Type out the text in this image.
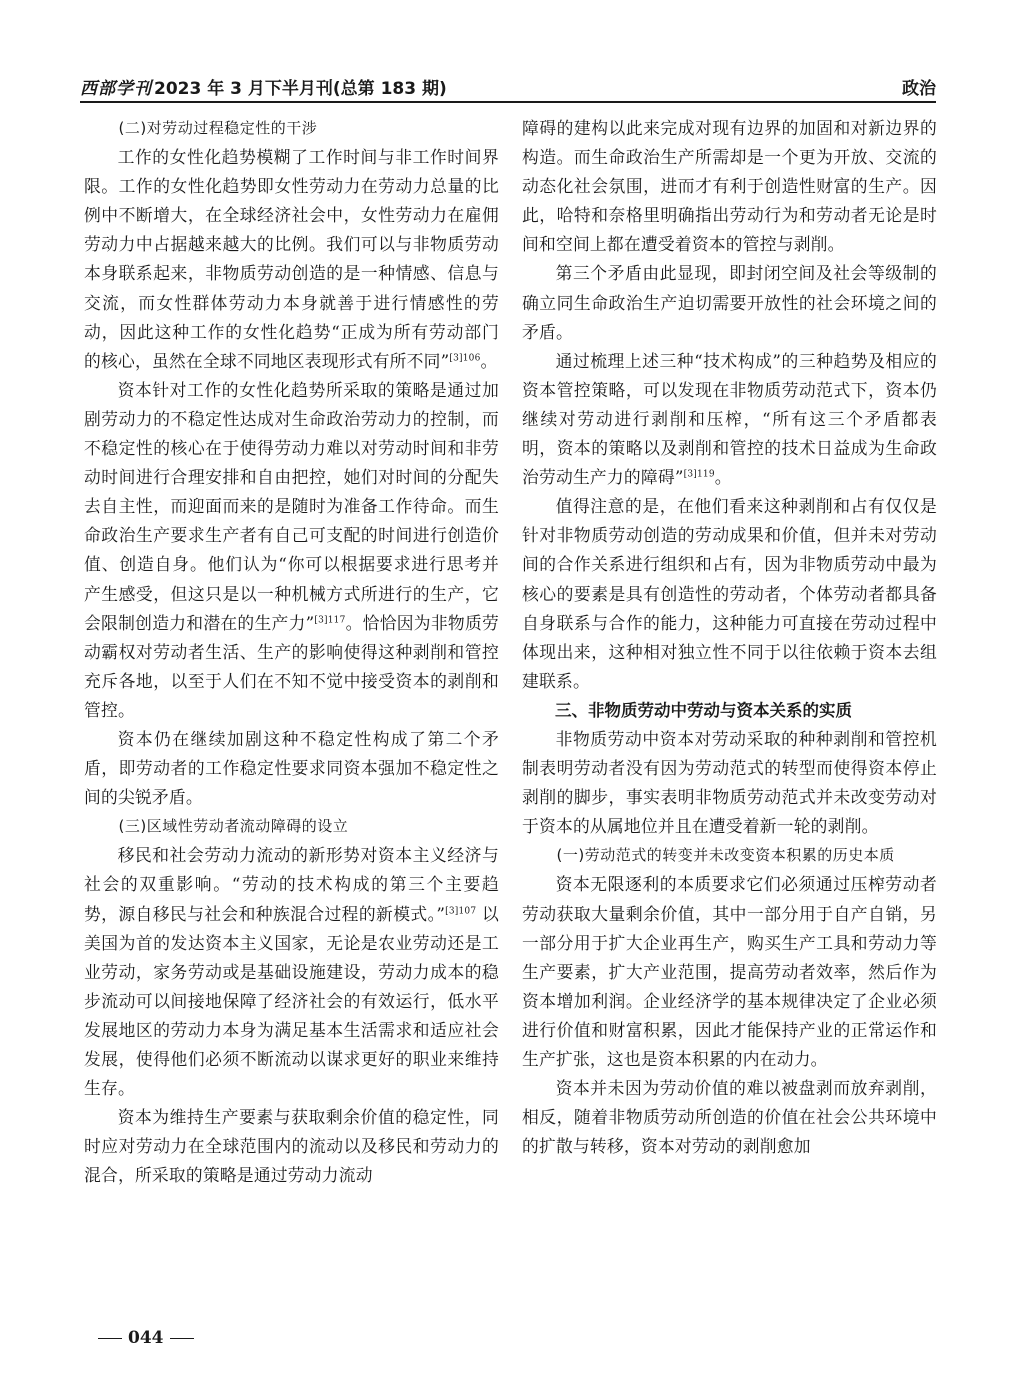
西部学刊 2023 年 3 月下半月刊(总第 183 期)	政治
(二)对劳动过程稳定性的干涉

工作的女性化趋势模糊了工作时间与非工作时间界限。工作的女性化趋势即女性劳动力在劳动力总量的比例中不断增大，在全球经济社会中，女性劳动力在雇佣劳动力中占据越来越大的比例。我们可以与非物质劳动本身联系起来，非物质劳动创造的是一种情感、信息与交流，而女性群体劳动力本身就善于进行情感性的劳动，因此这种工作的女性化趋势“正成为所有劳动部门的核心，虽然在全球不同地区表现形式有所不同”$^{[3]106}$。

资本针对工作的女性化趋势所采取的策略是通过加剧劳动力的不稳定性达成对生命政治劳动力的控制，而不稳定性的核心在于使得劳动力难以对劳动时间和非劳动时间进行合理安排和自由把控，她们对时间的分配失去自主性，而迎面而来的是随时为准备工作待命。而生命政治生产要求生产者有自己可支配的时间进行创造价值、创造自身。他们认为“你可以根据要求进行思考并产生感受，但这只是以一种机械方式所进行的生产，它会限制创造力和潜在的生产力”$^{[3]117}$。恰恰因为非物质劳动霸权对劳动者生活、生产的影响使得这种剥削和管控充斥各地，以至于人们在不知不觉中接受资本的剥削和管控。

资本仍在继续加剧这种不稳定性构成了第二个矛盾，即劳动者的工作稳定性要求同资本强加不稳定性之间的尖锐矛盾。

(三)区域性劳动者流动障碍的设立

移民和社会劳动力流动的新形势对资本主义经济与社会的双重影响。“劳动的技术构成的第三个主要趋势，源自移民与社会和种族混合过程的新模式。”$^{[3]107}$ 以美国为首的发达资本主义国家，无论是农业劳动还是工业劳动，家务劳动或是基础设施建设，劳动力成本的稳步流动可以间接地保障了经济社会的有效运行，低水平发展地区的劳动力本身为满足基本生活需求和适应社会发展，使得他们必须不断流动以谋求更好的职业来维持生存。

资本为维持生产要素与获取剩余价值的稳定性，同时应对劳动力在全球范围内的流动以及移民和劳动力的混合，所采取的策略是通过劳动力流动

障碍的建构以此来完成对现有边界的加固和对新边界的构造。而生命政治生产所需却是一个更为开放、交流的动态化社会氛围，进而才有利于创造性财富的生产。因此，哈特和奈格里明确指出劳动行为和劳动者无论是时间和空间上都在遭受着资本的管控与剥削。

第三个矛盾由此显现，即封闭空间及社会等级制的确立同生命政治生产迫切需要开放性的社会环境之间的矛盾。

通过梳理上述三种“技术构成”的三种趋势及相应的资本管控策略，可以发现在非物质劳动范式下，资本仍继续对劳动进行剥削和压榨，“所有这三个矛盾都表明，资本的策略以及剥削和管控的技术日益成为生命政治劳动生产力的障碍”$^{[3]119}$。

值得注意的是，在他们看来这种剥削和占有仅仅是针对非物质劳动创造的劳动成果和价值，但并未对劳动间的合作关系进行组织和占有，因为非物质劳动中最为核心的要素是具有创造性的劳动者，个体劳动者都具备自身联系与合作的能力，这种能力可直接在劳动过程中体现出来，这种相对独立性不同于以往依赖于资本去组建联系。

三、非物质劳动中劳动与资本关系的实质

非物质劳动中资本对劳动采取的种种剥削和管控机制表明劳动者没有因为劳动范式的转型而使得资本停止剥削的脚步，事实表明非物质劳动范式并未改变劳动对于资本的从属地位并且在遭受着新一轮的剥削。

(一)劳动范式的转变并未改变资本积累的历史本质

资本无限逐利的本质要求它们必须通过压榨劳动者劳动获取大量剩余价值，其中一部分用于自产自销，另一部分用于扩大企业再生产，购买生产工具和劳动力等生产要素，扩大产业范围，提高劳动者效率，然后作为资本增加利润。企业经济学的基本规律决定了企业必须进行价值和财富积累，因此才能保持产业的正常运作和生产扩张，这也是资本积累的内在动力。

资本并未因为劳动价值的难以被盘剥而放弃剥削，相反，随着非物质劳动所创造的价值在社会公共环境中的扩散与转移，资本对劳动的剥削愈加

044
